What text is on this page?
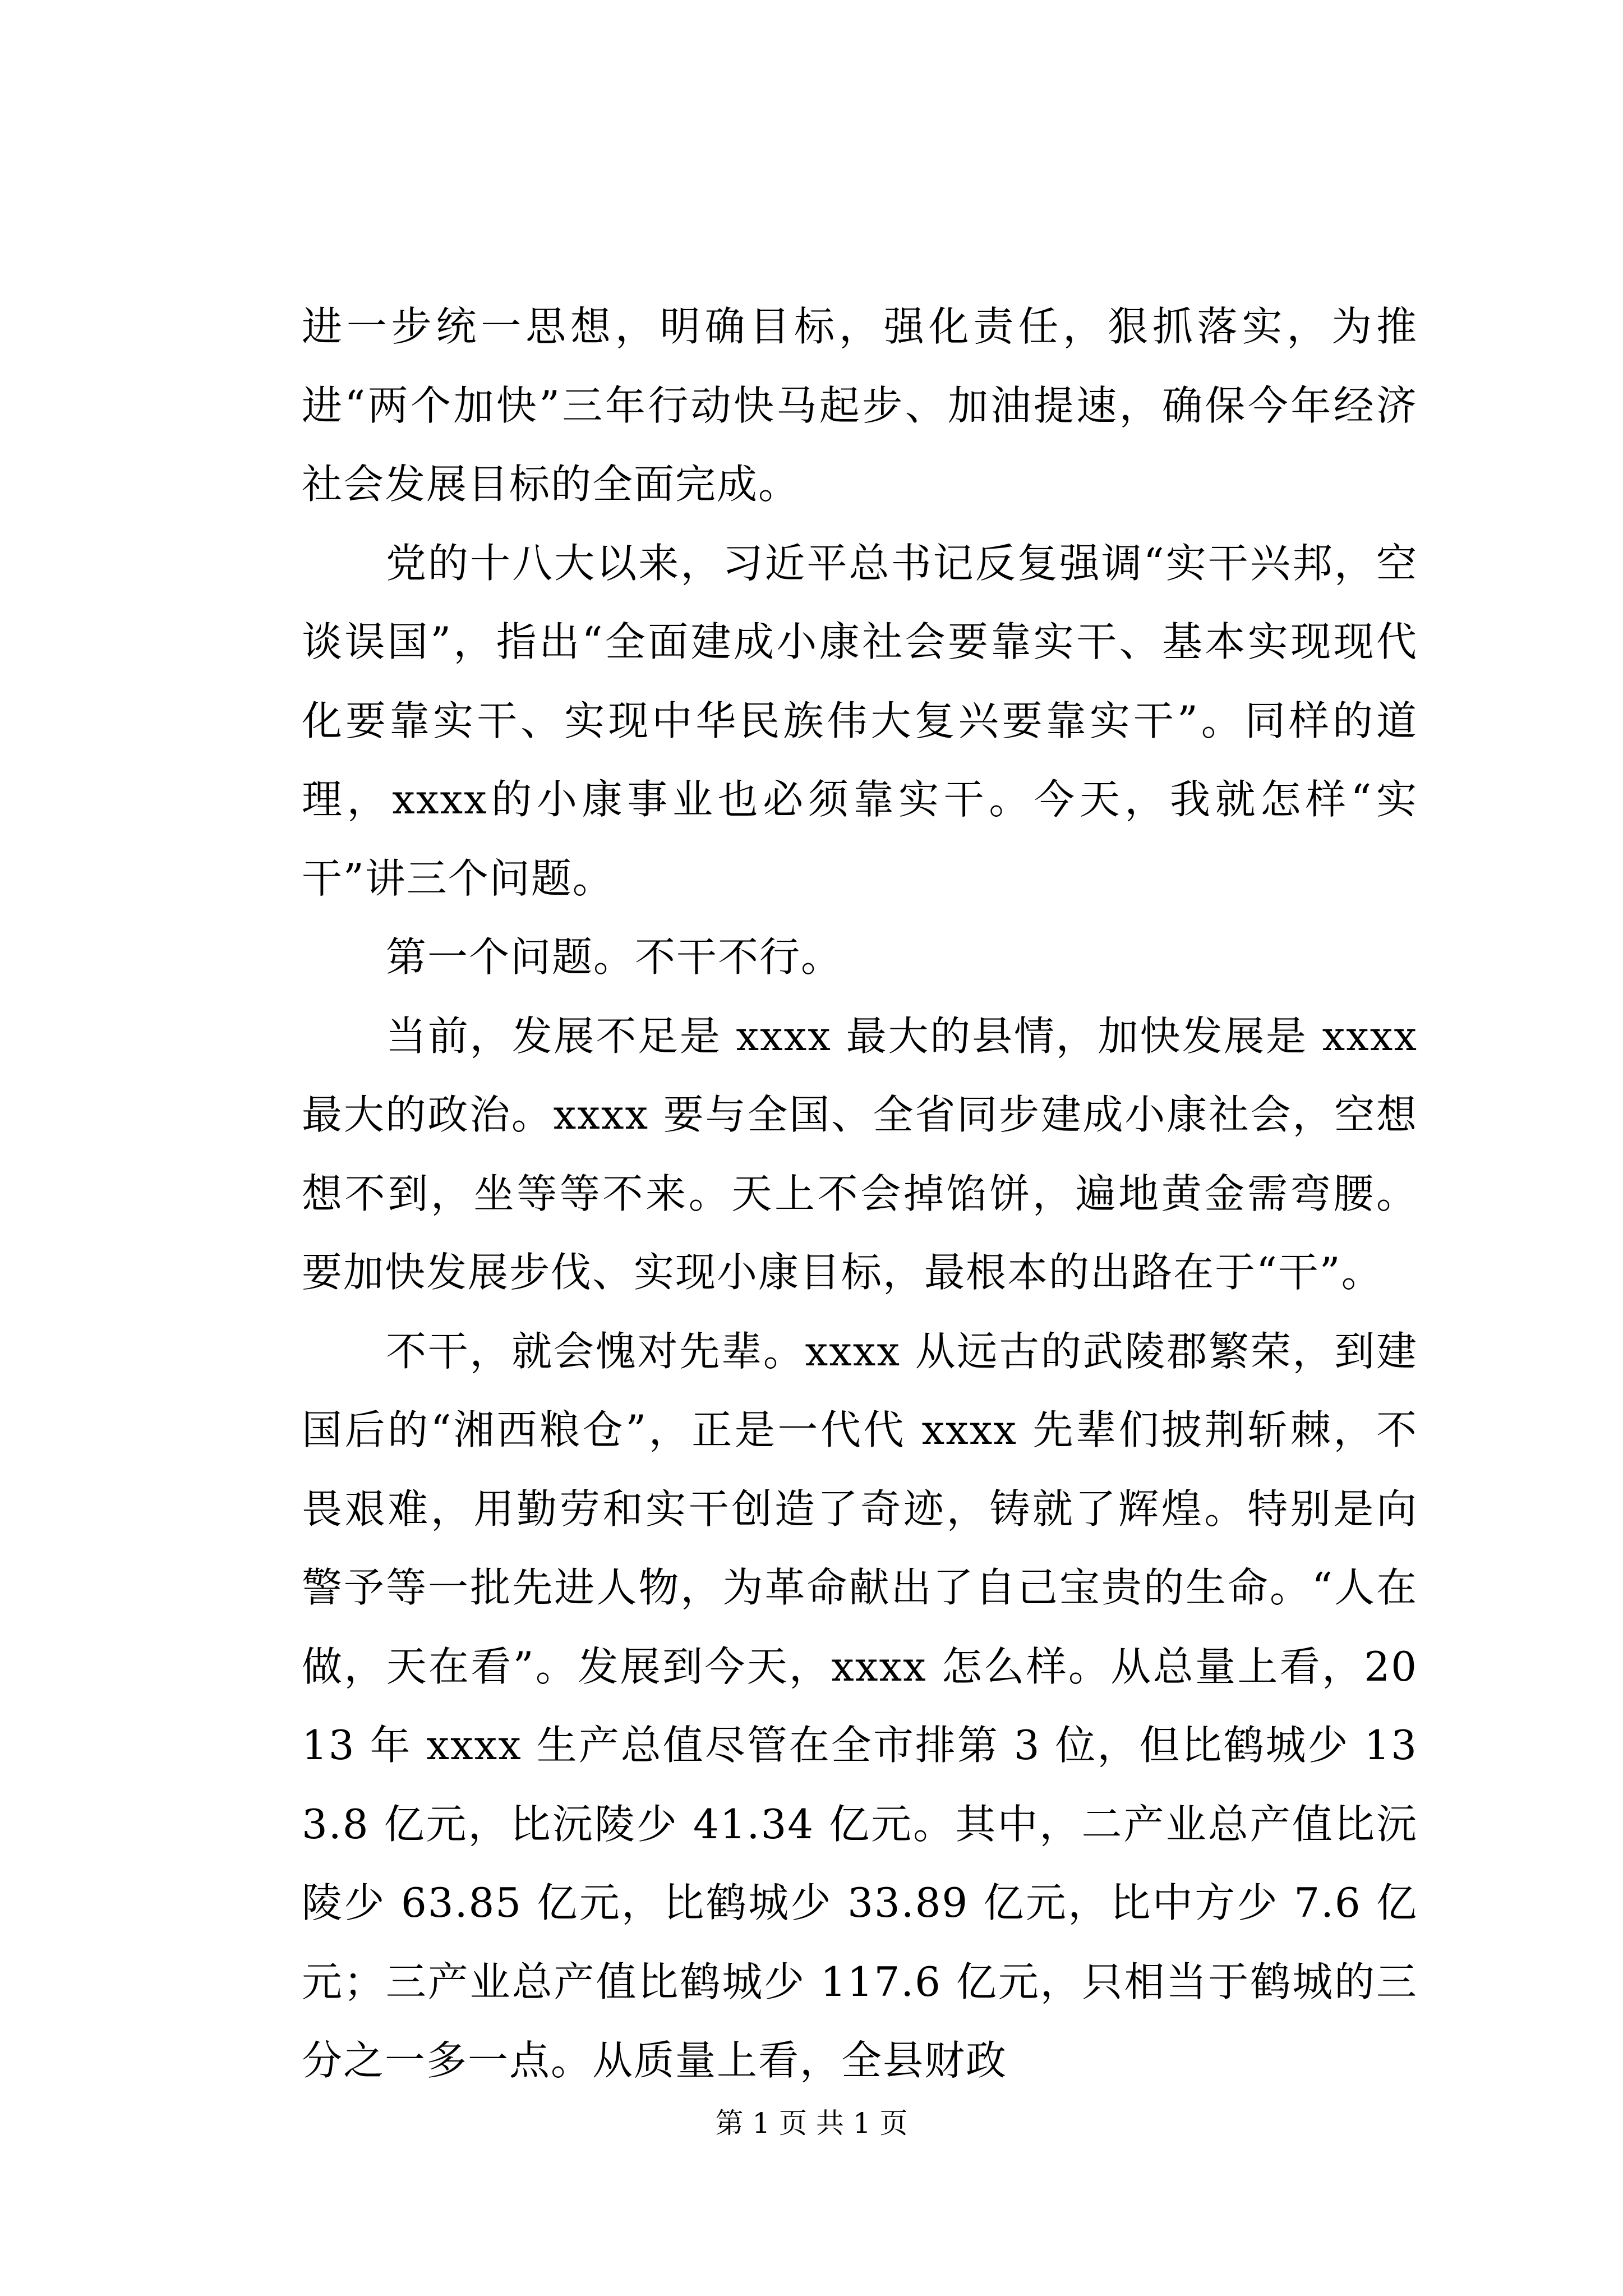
进一步统一思想，明确目标，强化责任，狠抓落实，为推进“两个加快”三年行动快马起步、加油提速，确保今年经济社会发展目标的全面完成。

党的十八大以来，习近平总书记反复强调“实干兴邦，空谈误国”，指出“全面建成小康社会要靠实干、基本实现现代化要靠实干、实现中华民族伟大复兴要靠实干”。同样的道理，xxxx的小康事业也必须靠实干。今天，我就怎样“实干”讲三个问题。

第一个问题。不干不行。

当前，发展不足是 xxxx 最大的县情，加快发展是 xxxx 最大的政治。xxxx 要与全国、全省同步建成小康社会，空想想不到，坐等等不来。天上不会掉馅饼，遍地黄金需弯腰。要加快发展步伐、实现小康目标，最根本的出路在于“干”。

不干，就会愧对先辈。xxxx 从远古的武陵郡繁荣，到建国后的“湘西粮仓”，正是一代代 xxxx 先辈们披荆斩棘，不畏艰难，用勤劳和实干创造了奇迹，铸就了辉煌。特别是向警予等一批先进人物，为革命献出了自己宝贵的生命。“人在做，天在看”。发展到今天，xxxx 怎么样。从总量上看，2013 年 xxxx 生产总值尽管在全市排第 3 位，但比鹤城少 133.8 亿元，比沅陵少 41.34 亿元。其中，二产业总产值比沅陵少 63.85 亿元，比鹤城少 33.89 亿元，比中方少 7.6 亿元；三产业总产值比鹤城少 117.6 亿元，只相当于鹤城的三分之一多一点。从质量上看，全县财政

第 1 页 共 1 页
